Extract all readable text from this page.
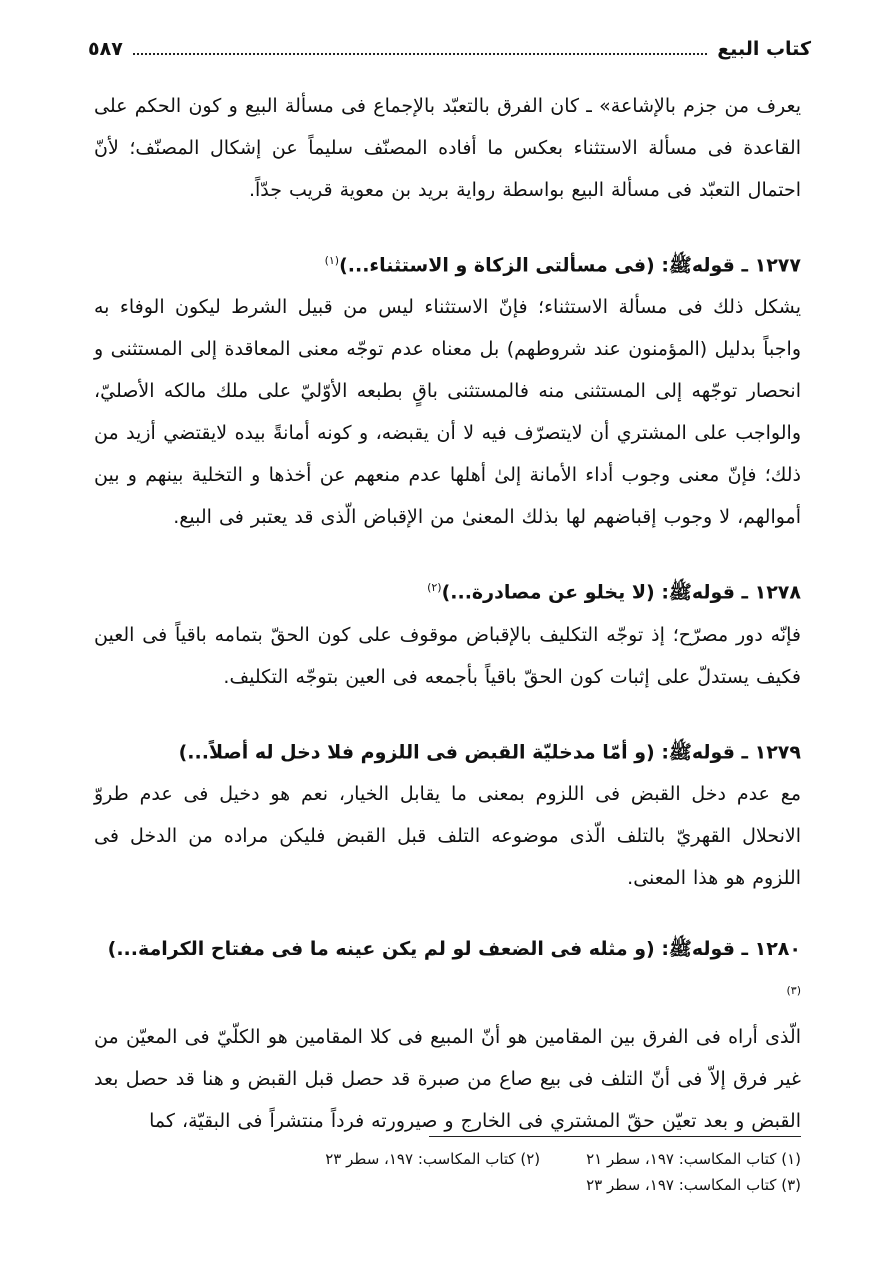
كتاب البيع
٥٨٧

يعرف من جزم بالإشاعة» ـ كان الفرق بالتعبّد بالإجماع فى مسألة البيع و كون الحكم على القاعدة فى مسألة الاستثناء بعكس ما أفاده المصنّف سليماً عن إشكال المصنّف؛ لأنّ احتمال التعبّد فى مسألة البيع بواسطة رواية بريد بن معوية قريب جدّاً.

١٢٧٧ ـ قوله‌ﷺ: (فى مسألتى الزكاة و الاستثناء...)$^{(١)}$

يشكل ذلك فى مسألة الاستثناء؛ فإنّ الاستثناء ليس من قبيل الشرط ليكون الوفاء به واجباً بدليل (المؤمنون عند شروطهم) بل معناه عدم توجّه معنى المعاقدة إلى المستثنى و انحصار توجّهه إلى المستثنى منه فالمستثنى باقٍ بطبعه الأوّليّ على ملك مالكه الأصليّ، والواجب على المشتري أن لايتصرّف فيه لا أن يقبضه، و كونه أمانةً بيده لايقتضي أزيد من ذلك؛ فإنّ معنى وجوب أداء الأمانة إلىٰ أهلها عدم منعهم عن أخذها و التخلية بينهم و بين أموالهم، لا وجوب إقباضهم لها بذلك المعنىٰ من الإقباض الّذى قد يعتبر فى البيع.

١٢٧٨ ـ قوله‌ﷺ: (لا يخلو عن مصادرة...)$^{(٢)}$

فإنّه دور مصرّح؛ إذ توجّه التكليف بالإقباض موقوف على كون الحقّ بتمامه باقياً فى العين فكيف يستدلّ على إثبات كون الحقّ باقياً بأجمعه فى العين بتوجّه التكليف.

١٢٧٩ ـ قوله‌ﷺ: (و أمّا مدخليّة القبض فى اللزوم فلا دخل له أصلاً...)

مع عدم دخل القبض فى اللزوم بمعنى ما يقابل الخيار، نعم هو دخيل فى عدم طروّ الانحلال القهريّ بالتلف الّذى موضوعه التلف قبل القبض فليكن مراده من الدخل فى اللزوم هو هذا المعنى.

١٢٨٠ ـ قوله‌ﷺ: (و مثله فى الضعف لو لم يكن عينه ما فى مفتاح الكرامة...)$^{(٣)}$

الّذى أراه فى الفرق بين المقامين هو أنّ المبيع فى كلا المقامين هو الكلّيّ فى المعيّن من غير فرق إلاّ فى أنّ التلف فى بيع صاع من صبرة قد حصل قبل القبض و هنا قد حصل بعد القبض و بعد تعيّن حقّ المشتري فى الخارج و صيرورته فرداً منتشراً فى البقيّة، كما

(١) كتاب المكاسب: ١٩٧، سطر ٢١
(٢) كتاب المكاسب: ١٩٧، سطر ٢٣
(٣) كتاب المكاسب: ١٩٧، سطر ٢٣
